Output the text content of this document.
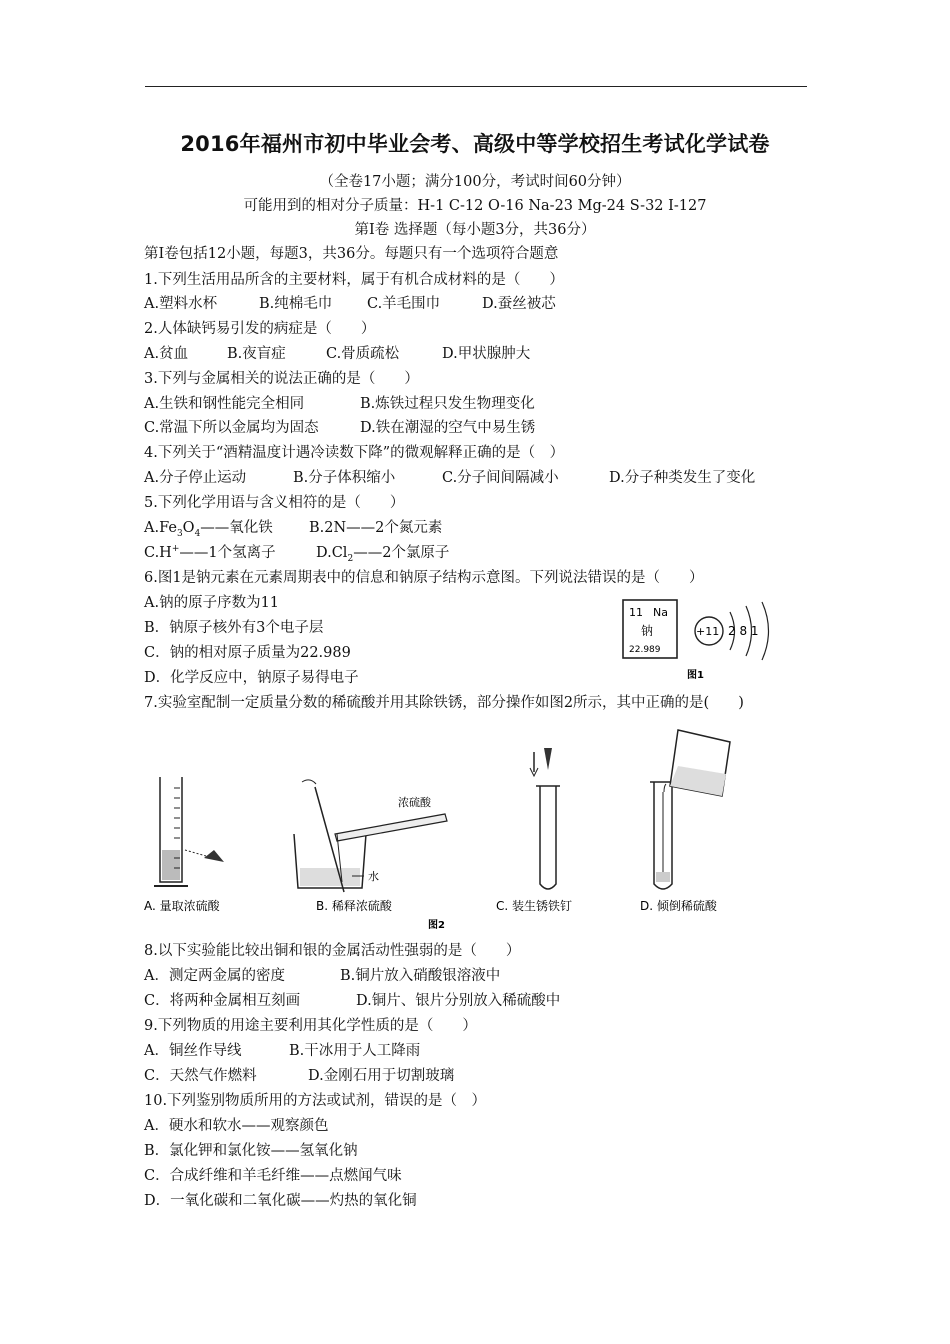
2016年福州市初中毕业会考、高级中等学校招生考试化学试卷
（全卷17小题；满分100分，考试时间60分钟）
可能用到的相对分子质量：H-1 C-12 O-16 Na-23 Mg-24 S-32 I-127
第Ⅰ卷 选择题（每小题3分，共36分）
第Ⅰ卷包括12小题，每题3，共36分。每题只有一个选项符合题意
1.下列生活用品所含的主要材料，属于有机合成材料的是（　　）
A.塑料水杯	B.纯棉毛巾 C.羊毛围巾	D.蚕丝被芯
2.人体缺钙易引发的病症是（　　）
A.贫血	B.夜盲症	C.骨质疏松	D.甲状腺肿大
3.下列与金属相关的说法正确的是（　　）
A.生铁和钢性能完全相同	B.炼铁过程只发生物理变化
C.常温下所以金属均为固态	D.铁在潮湿的空气中易生锈
4.下列关于“酒精温度计遇冷读数下降”的微观解释正确的是（　）
A.分子停止运动	B.分子体积缩小	C.分子间间隔减小	D.分子种类发生了变化
5.下列化学用语与含义相符的是（　　）
$A.Fe_3O_4——$氧化铁 B.2N——2个氮元素
C.H+——1个氢离子	$D.Cl_2——2$个氯原子
6.图1是钠元素在元素周期表中的信息和钠原子结构示意图。下列说法错误的是（　　）
A.钠的原子序数为11
B．钠原子核外有3个电子层
C．钠的相对原子质量为22.989
D．化学反应中，钠原子易得电子
11 Na
钠
22.989
+11 2 8 1
图1
7.实验室配制一定质量分数的稀硫酸并用其除铁锈，部分操作如图2所示，其中正确的是(　　)
A. 量取浓硫酸
浓硫酸
水
B. 稀释浓硫酸	C. 装生锈铁钉	D. 倾倒稀硫酸
图2
8.以下实验能比较出铜和银的金属活动性强弱的是（　　）
A．测定两金属的密度	B.铜片放入硝酸银溶液中
C．将两种金属相互刻画	D.铜片、银片分别放入稀硫酸中
9.下列物质的用途主要利用其化学性质的是（　　）
A．铜丝作导线	B.干冰用于人工降雨
C．天然气作燃料	D.金刚石用于切割玻璃
10.下列鉴别物质所用的方法或试剂，错误的是（　）
A．硬水和软水——观察颜色
B．氯化钾和氯化铵——氢氧化钠
C．合成纤维和羊毛纤维——点燃闻气味
D．一氧化碳和二氧化碳——灼热的氧化铜
